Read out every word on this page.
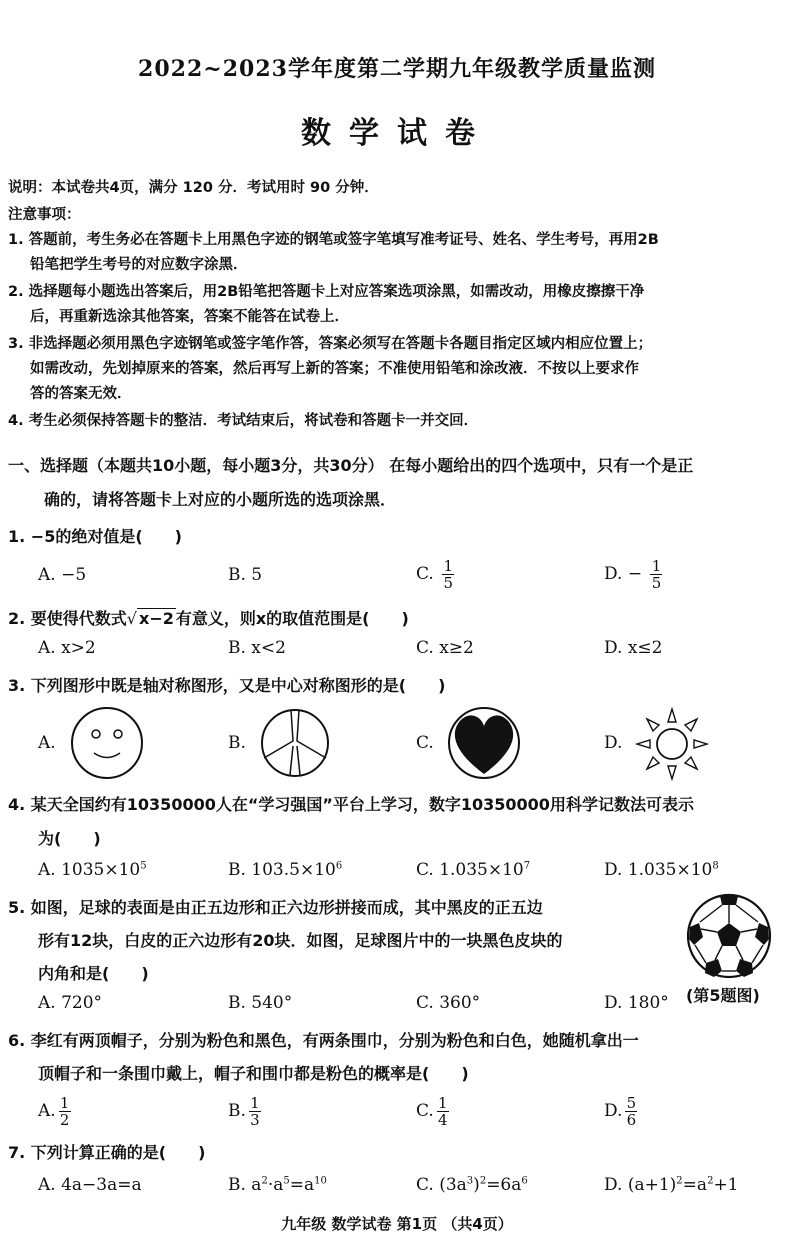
2022~2023学年度第二学期九年级教学质量监测
数学试卷
说明：本试卷共4页，满分 120 分．考试用时 90 分钟．
注意事项：
1. 答题前，考生务必在答题卡上用黑色字迹的钢笔或签字笔填写准考证号、姓名、学生考号，再用2B
铅笔把学生考号的对应数字涂黑．
2. 选择题每小题选出答案后，用2B铅笔把答题卡上对应答案选项涂黑，如需改动，用橡皮擦擦干净
后，再重新选涂其他答案，答案不能答在试卷上．
3. 非选择题必须用黑色字迹钢笔或签字笔作答，答案必须写在答题卡各题目指定区域内相应位置上；
如需改动，先划掉原来的答案，然后再写上新的答案；不准使用铅笔和涂改液．不按以上要求作
答的答案无效．
4. 考生必须保持答题卡的整洁．考试结束后，将试卷和答题卡一并交回．
一、选择题（本题共10小题，每小题3分，共30分） 在每小题给出的四个选项中，只有一个是正
确的，请将答题卡上对应的小题所选的选项涂黑．
1. −5的绝对值是(　　)
A. −5	B. 5	C. $\frac{1}{5}$	D. − $\frac{1}{5}$
2. 要使得代数式√ x−2 有意义，则x的取值范围是(　　)
A. x>2	B. x<2	C. x≥2	D. x≤2
3. 下列图形中既是轴对称图形，又是中心对称图形的是(　　)
A.	B.	C.	D.
4. 某天全国约有10350000人在“学习强国”平台上学习，数字10350000用科学记数法可表示
为(　　)
A. $1035\times 10^5$	B. $103.5\times 10^6$	C. $1.035\times 10^7$	D. $1.035\times 10^8$
5. 如图，足球的表面是由正五边形和正六边形拼接而成，其中黑皮的正五边
形有12块，白皮的正六边形有20块．如图，足球图片中的一块黑色皮块的
内角和是(　　)
A. 720°	B. 540°	C. 360°	D. 180° (第5题图)
6. 李红有两顶帽子，分别为粉色和黑色，有两条围巾，分别为粉色和白色，她随机拿出一
顶帽子和一条围巾戴上，帽子和围巾都是粉色的概率是(　　)
A. $\frac{1}{2}$	B. $\frac{1}{3}$	C. $\frac{1}{4}$	D. $\frac{5}{6}$
7. 下列计算正确的是(　　)
A. 4a−3a=a	B. $a^2\cdot a^5=a^{10}$	C. $(3a^3)^2=6a^6$	D. $(a+1)^2=a^2+1$
九年级 数学试卷 第1页 （共4页）
